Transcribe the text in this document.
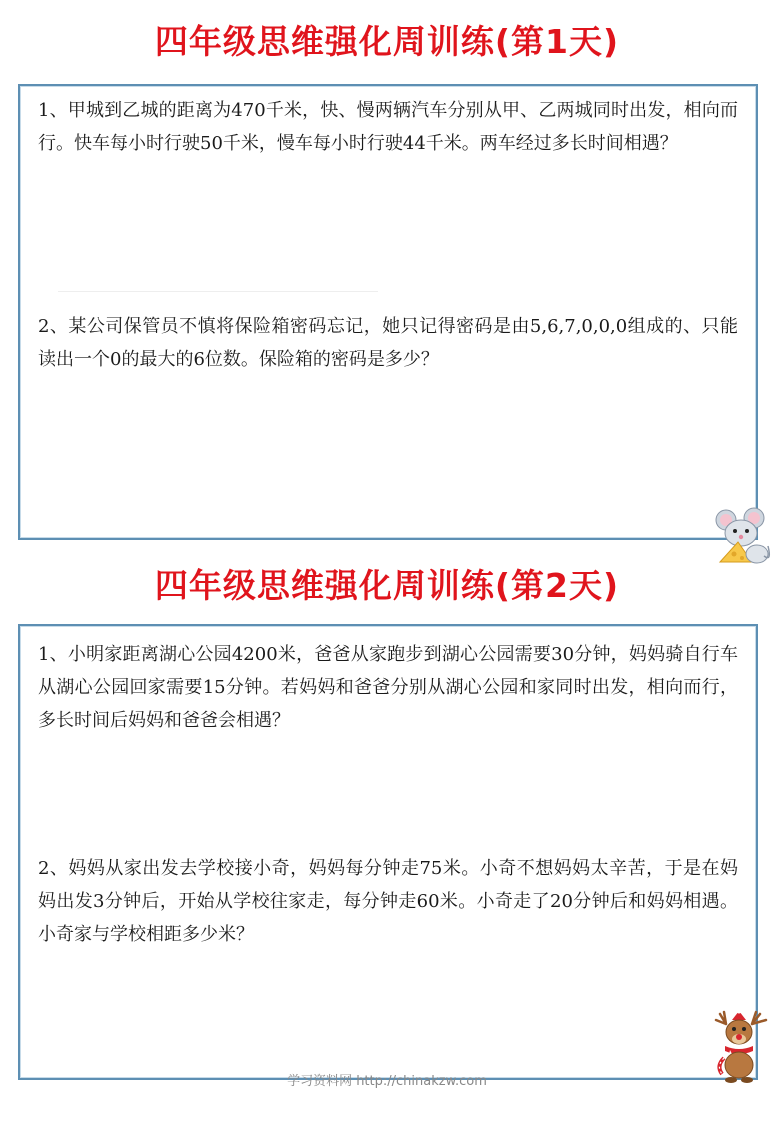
四年级思维强化周训练(第1天)

1、甲城到乙城的距离为470千米，快、慢两辆汽车分别从甲、乙两城同时出发，相向而行。快车每小时行驶50千米，慢车每小时行驶44千米。两车经过多长时间相遇？

2、某公司保管员不慎将保险箱密码忘记，她只记得密码是由5,6,7,0,0,0组成的、只能读出一个0的最大的6位数。保险箱的密码是多少？

四年级思维强化周训练(第2天)

1、小明家距离湖心公园4200米，爸爸从家跑步到湖心公园需要30分钟，妈妈骑自行车从湖心公园回家需要15分钟。若妈妈和爸爸分别从湖心公园和家同时出发，相向而行，多长时间后妈妈和爸爸会相遇？

2、妈妈从家出发去学校接小奇，妈妈每分钟走75米。小奇不想妈妈太辛苦，于是在妈妈出发3分钟后，开始从学校往家走，每分钟走60米。小奇走了20分钟后和妈妈相遇。小奇家与学校相距多少米？

学习资料网 http://chinakzw.com
